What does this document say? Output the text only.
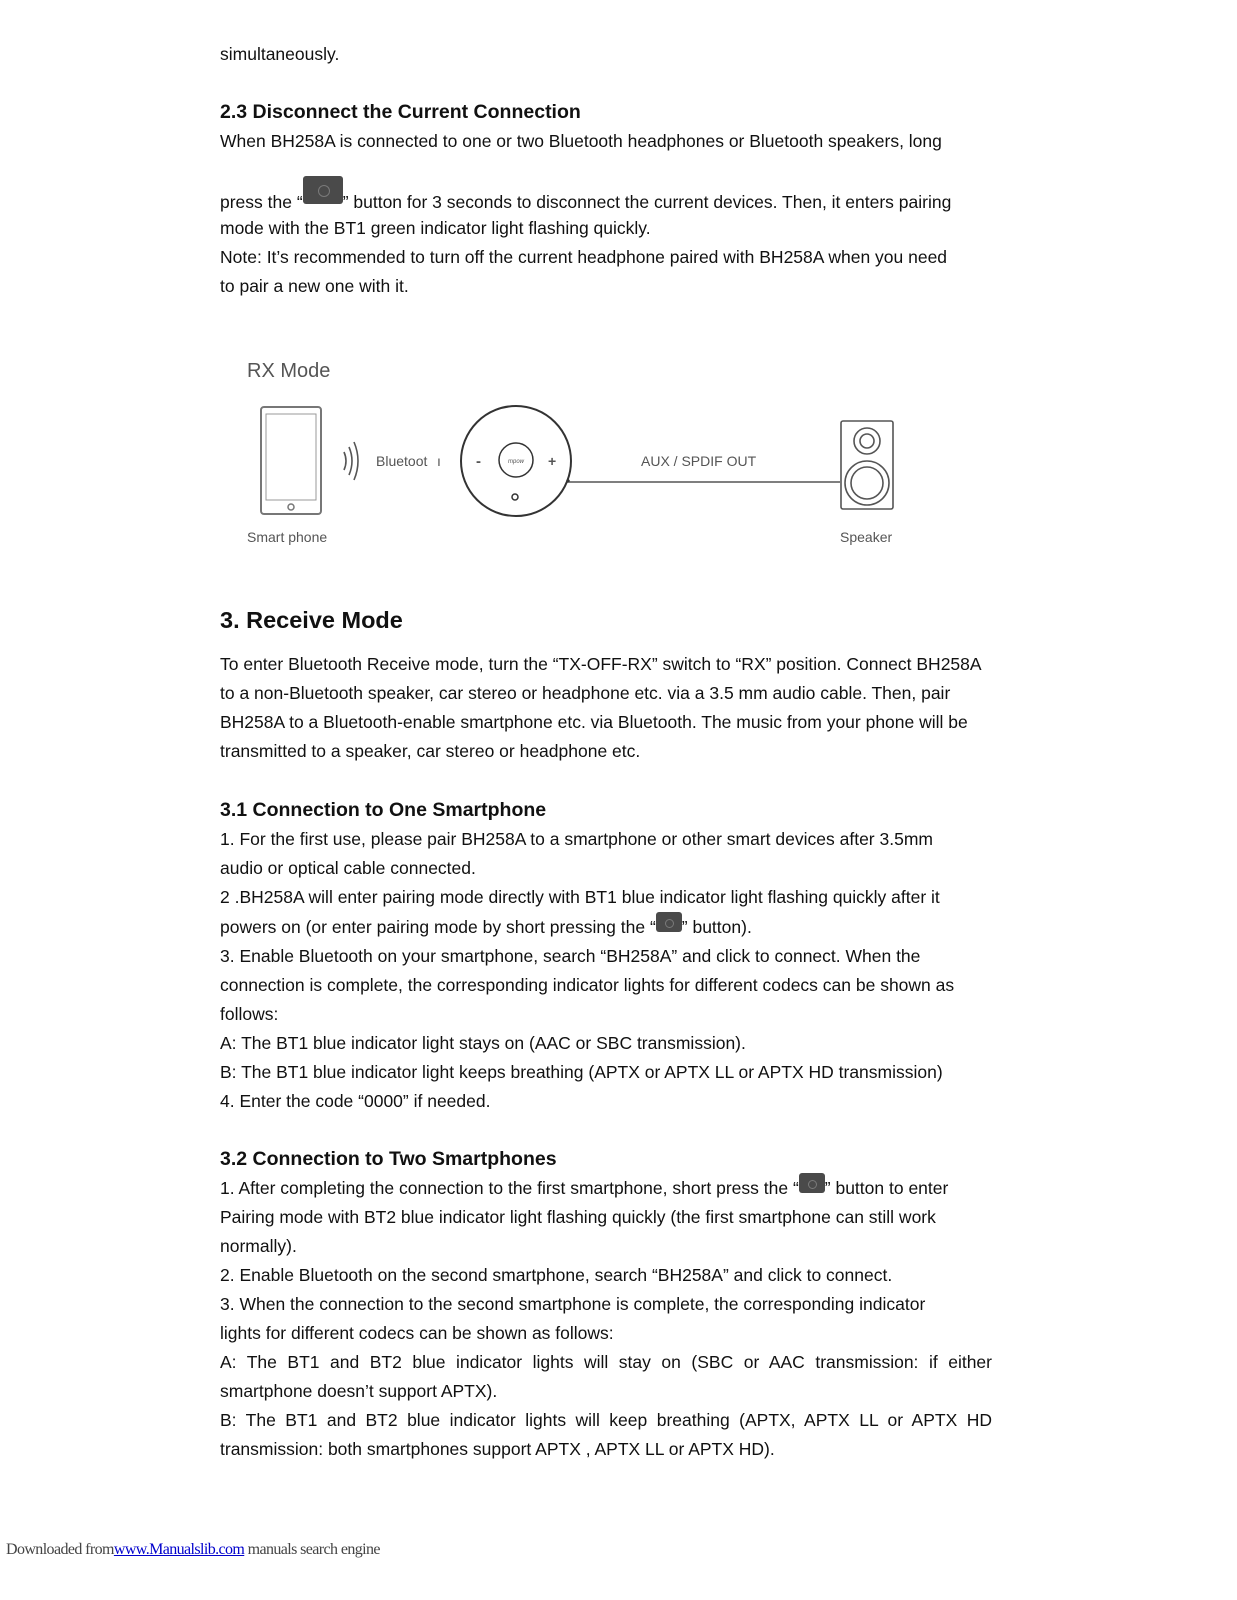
simultaneously.

2.3 Disconnect the Current Connection

When BH258A is connected to one or two Bluetooth headphones or Bluetooth speakers, long

press the “ ” button for 3 seconds to disconnect the current devices. Then, it enters pairing

mode with the BT1 green indicator light flashing quickly.

Note: It’s recommended to turn off the current headphone paired with BH258A when you need

to pair a new one with it.

3. Receive Mode

To enter Bluetooth Receive mode, turn the “TX-OFF-RX” switch to “RX” position. Connect BH258A

to a non-Bluetooth speaker, car stereo or headphone etc. via a 3.5 mm audio cable. Then, pair

BH258A to a Bluetooth-enable smartphone etc. via Bluetooth. The music from your phone will be

transmitted to a speaker, car stereo or headphone etc.

3.1 Connection to One Smartphone

1. For the first use, please pair BH258A to a smartphone or other smart devices after 3.5mm

audio or optical cable connected.

2 .BH258A will enter pairing mode directly with BT1 blue indicator light flashing quickly after it

powers on (or enter pairing mode by short pressing the “ ” button).

3. Enable Bluetooth on your smartphone, search “BH258A” and click to connect. When the

connection is complete, the corresponding indicator lights for different codecs can be shown as

follows:

A: The BT1 blue indicator light stays on (AAC or SBC transmission).

B: The BT1 blue indicator light keeps breathing (APTX or APTX LL or APTX HD transmission)

4. Enter the code “0000” if needed.

3.2 Connection to Two Smartphones

1. After completing the connection to the first smartphone, short press the “ ” button to enter

Pairing mode with BT2 blue indicator light flashing quickly (the first smartphone can still work

normally).

2. Enable Bluetooth on the second smartphone, search “BH258A” and click to connect.

3. When the connection to the second smartphone is complete, the corresponding indicator

lights for different codecs can be shown as follows:

A: The BT1 and BT2 blue indicator lights will stay on (SBC or AAC transmission: if either

smartphone doesn’t support APTX).

B: The BT1 and BT2 blue indicator lights will keep breathing (APTX, APTX LL or APTX HD

transmission: both smartphones support APTX , APTX LL or APTX HD).

RX Mode
Smart phone
Bluetoot ı	mpow
-	+	AUX / SPDIF OUT
Speaker
Downloaded fromwww.Manualslib.com manuals search engine
